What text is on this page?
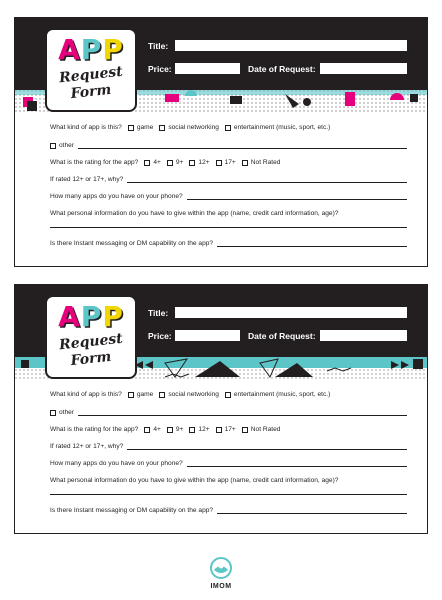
APP
Request
Form
Title:
Price:	Date of Request:
What kind of app is this? game social networking entertainment (music, sport, etc.)
other
What is the rating for the app? 4+ 9+ 12+ 17+ Not Rated
If rated 12+ or 17+, why?
How many apps do you have on your phone?
What personal information do you have to give within the app (name, credit card information, age)?
Is there Instant messaging or DM capability on the app?
APP
Request
Form
Title:
Price:	Date of Request:
What kind of app is this? game social networking entertainment (music, sport, etc.)
other
What is the rating for the app? 4+ 9+ 12+ 17+ Not Rated
If rated 12+ or 17+, why?
How many apps do you have on your phone?
What personal information do you have to give within the app (name, credit card information, age)?
Is there Instant messaging or DM capability on the app?
IMOM
